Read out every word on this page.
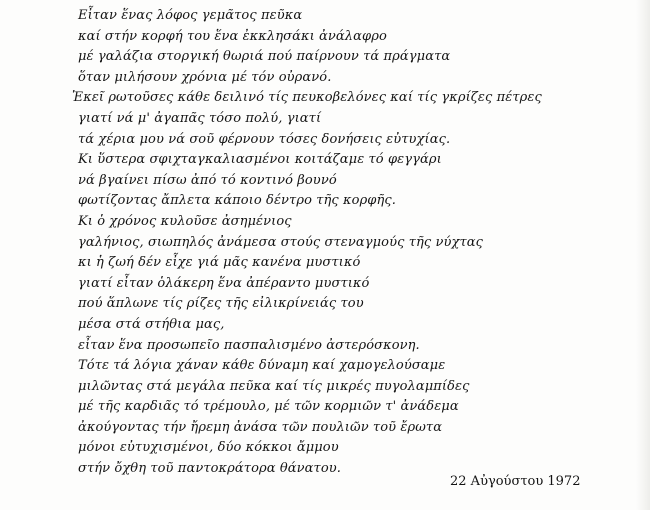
Εἶταν ἕνας λόφος γεμᾶτος πεῦκα
καί στήν κορφή του ἕνα ἐκκλησάκι ἀνάλαφρο
μέ γαλάζια στοργική θωριά πού παίρνουν τά πράγματα
ὅταν μιλήσουν χρόνια μέ τόν οὐρανό.
Ἐκεῖ ρωτοῦσες κάθε δειλινό τίς πευκοβελόνες καί τίς γκρίζες πέτρες
γιατί νά μ' ἀγαπᾶς τόσο πολύ, γιατί
τά χέρια μου νά σοῦ φέρνουν τόσες δονήσεις εὐτυχίας.
Κι ὕστερα σφιχταγκαλιασμένοι κοιτάζαμε τό φεγγάρι
νά βγαίνει πίσω ἀπό τό κοντινό βουνό
φωτίζοντας ἄπλετα κάποιο δέντρο τῆς κορφῆς.
Κι ὁ χρόνος κυλοῦσε ἀσημένιος
γαλήνιος, σιωπηλός ἀνάμεσα στούς στεναγμούς τῆς νύχτας
κι ἡ ζωή δέν εἶχε γιά μᾶς κανένα μυστικό
γιατί εἶταν ὁλάκερη ἕνα ἀπέραντο μυστικό
πού ἅπλωνε τίς ρίζες τῆς εἰλικρίνειάς του
μέσα στά στήθια μας,
εἶταν ἕνα προσωπεῖο πασπαλισμένο ἀστερόσκονη.
Τότε τά λόγια χάναν κάθε δύναμη καί χαμογελούσαμε
μιλῶντας στά μεγάλα πεῦκα καί τίς μικρές πυγολαμπίδες
μέ τῆς καρδιᾶς τό τρέμουλο, μέ τῶν κορμιῶν τ' ἀνάδεμα
ἀκούγοντας τήν ἤρεμη ἀνάσα τῶν πουλιῶν τοῦ ἔρωτα
μόνοι εὐτυχισμένοι, δύο κόκκοι ἄμμου
στήν ὄχθη τοῦ παντοκράτορα θάνατου.
22 Αὐγούστου 1972
